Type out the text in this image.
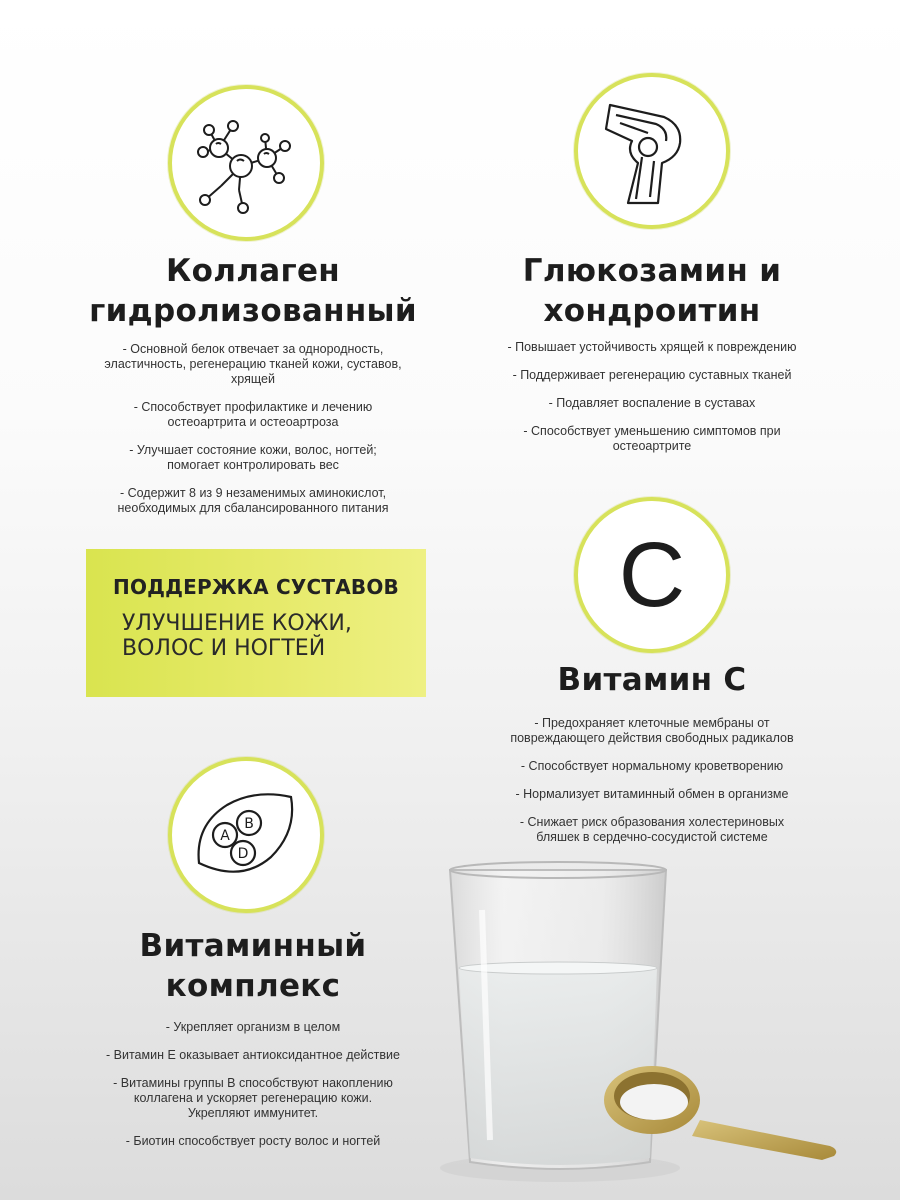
Коллаген
гидролизованный
- Основной белок отвечает за однородность,
эластичность, регенерацию тканей кожи, суставов,
хрящей
- Способствует профилактике и лечению
остеоартрита и остеоартроза
- Улучшает состояние кожи, волос, ногтей;
помогает контролировать вес
- Содержит 8 из 9 незаменимых аминокислот,
необходимых для сбалансированного питания
Глюкозамин и
хондроитин
- Повышает устойчивость хрящей к повреждению
- Поддерживает регенерацию суставных тканей
- Подавляет воспаление в суставах
- Способствует уменьшению симптомов при
остеоартрите
ПОДДЕРЖКА СУСТАВОВ
УЛУЧШЕНИЕ КОЖИ,
ВОЛОС И НОГТЕЙ
C
Витамин С
- Предохраняет клеточные мембраны от
повреждающего действия свободных радикалов
- Способствует нормальному кроветворению
- Нормализует витаминный обмен в организме
- Снижает риск образования холестериновых
бляшек в сердечно-сосудистой системе
A
B
D
Витаминный
комплекс
- Укрепляет организм в целом
- Витамин Е оказывает антиоксидантное действие
- Витамины группы В способствуют накоплению
коллагена и ускоряет регенерацию кожи.
Укрепляют иммунитет.
- Биотин способствует росту волос и ногтей
